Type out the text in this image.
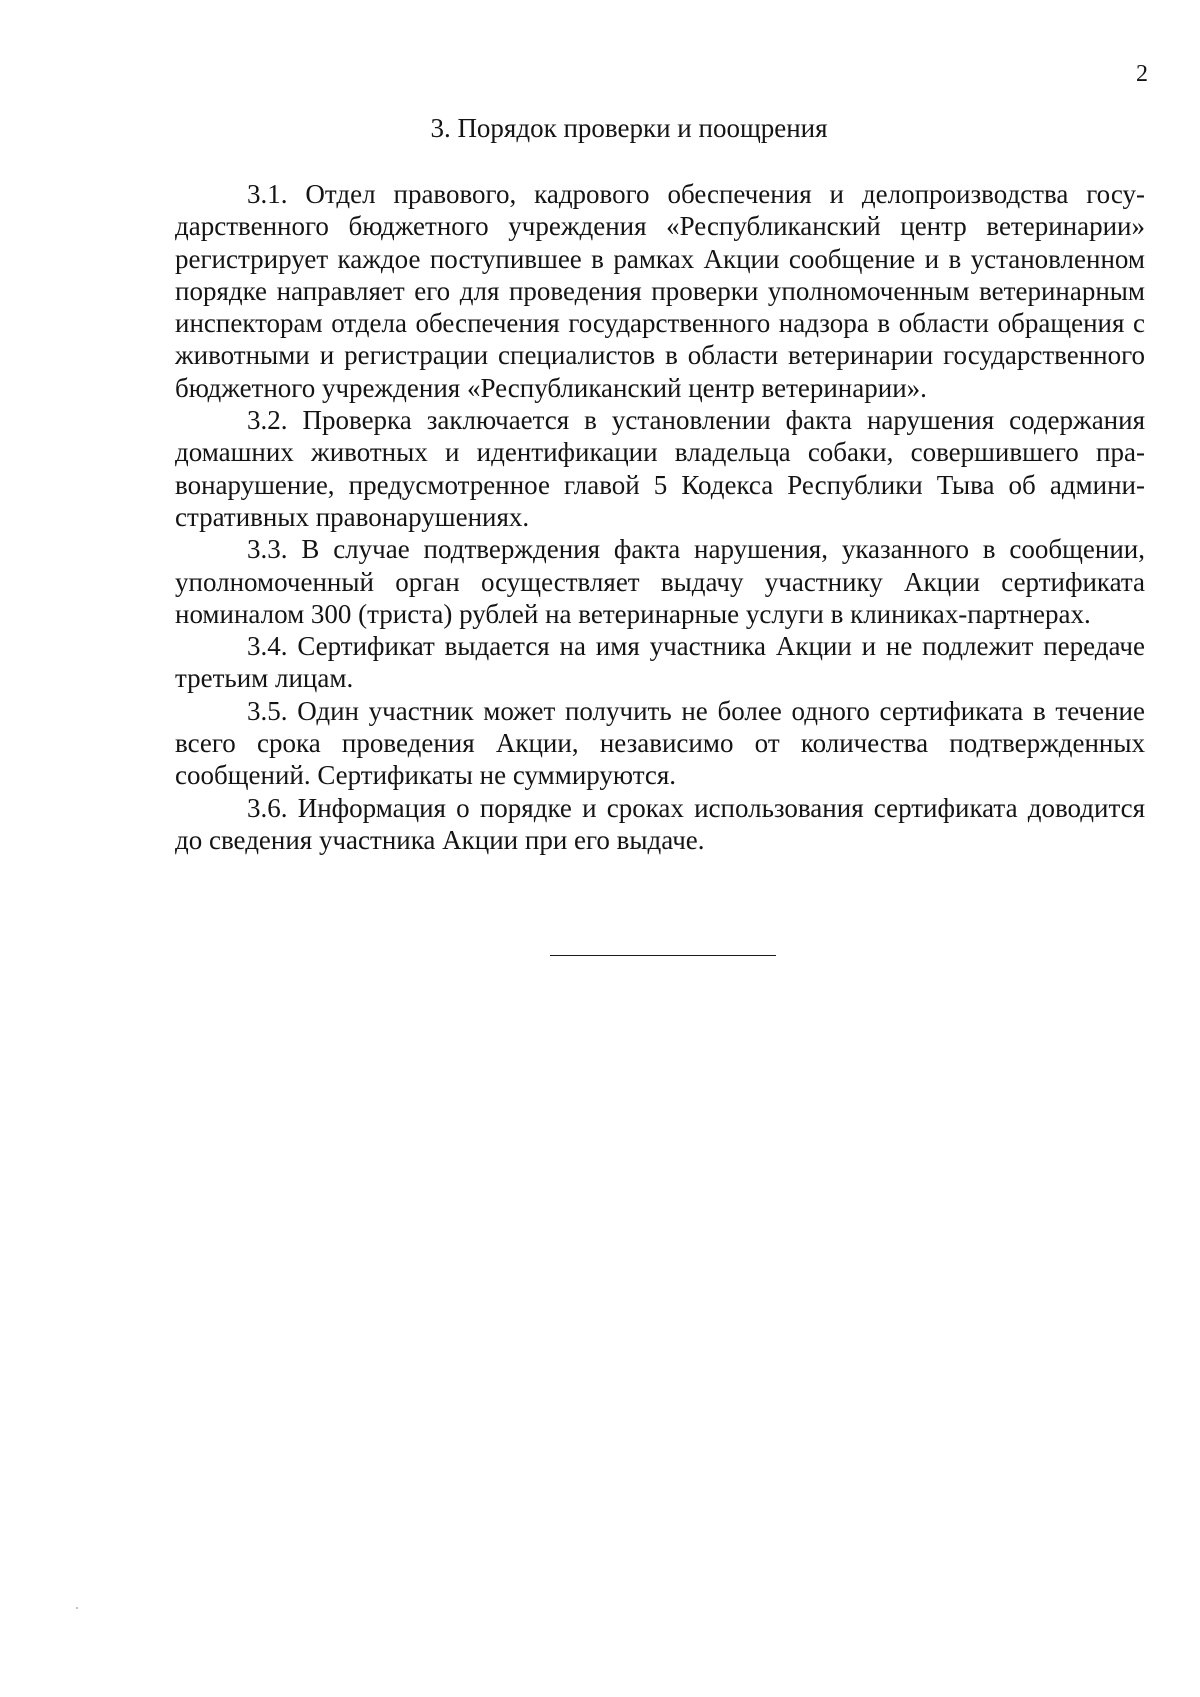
2
3. Порядок проверки и поощрения

3.1. Отдел правового, кадрового обеспечения и делопроизводства государственного бюджетного учреждения «Республиканский центр ветеринарии» регистрирует каждое поступившее в рамках Акции сообщение и в установленном порядке направляет его для проведения проверки уполномоченным ветеринарным инспекторам отдела обеспечения государственного надзора в области обращения с животными и регистрации специалистов в области ветеринарии государственного бюджетного учреждения «Республиканский центр ветеринарии».

3.2. Проверка заключается в установлении факта нарушения содержания домашних животных и идентификации владельца собаки, совершившего правонарушение, предусмотренное главой 5 Кодекса Республики Тыва об административных правонарушениях.

3.3. В случае подтверждения факта нарушения, указанного в сообщении, уполномоченный орган осуществляет выдачу участнику Акции сертификата номиналом 300 (триста) рублей на ветеринарные услуги в клиниках-партнерах.

3.4. Сертификат выдается на имя участника Акции и не подлежит передаче третьим лицам.

3.5. Один участник может получить не более одного сертификата в течение всего срока проведения Акции, независимо от количества подтвержденных сообщений. Сертификаты не суммируются.

3.6. Информация о порядке и сроках использования сертификата доводится до сведения участника Акции при его выдаче.
